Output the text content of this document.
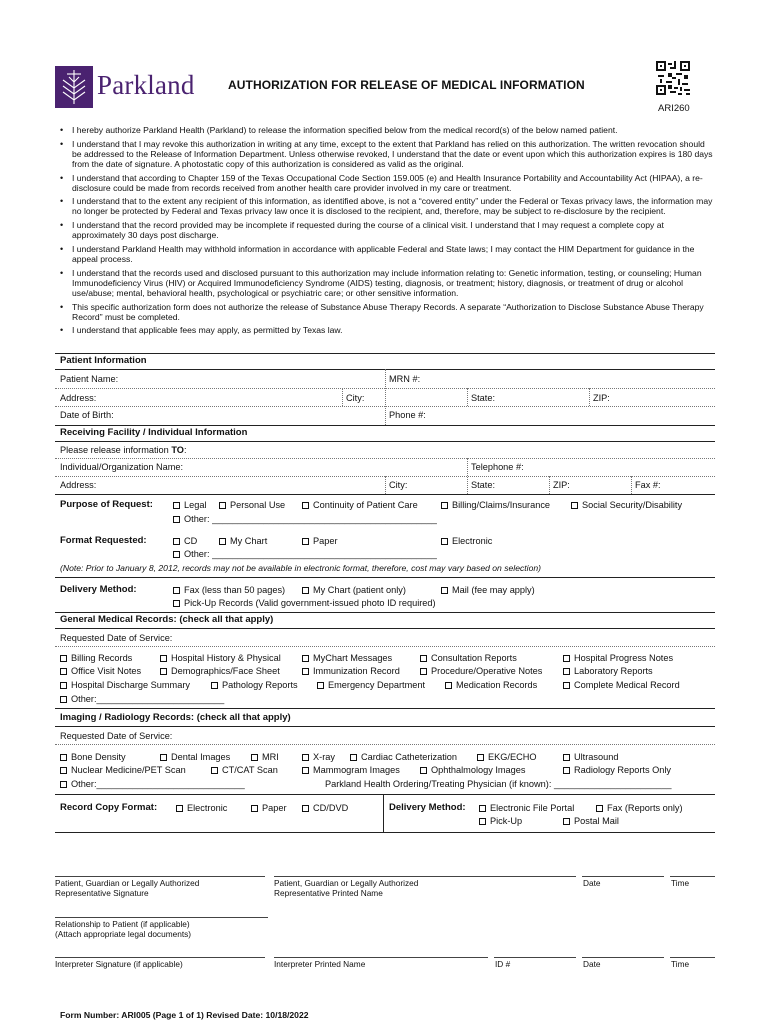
Parkland	AUTHORIZATION FOR RELEASE OF MEDICAL INFORMATION
ARI260
• I hereby authorize Parkland Health (Parkland) to release the information specified below from the medical record(s) of the below named patient.
• I understand that I may revoke this authorization in writing at any time, except to the extent that Parkland has relied on this authorization. The written revocation should be addressed to the Release of Information Department. Unless otherwise revoked, I understand that the date or event upon which this authorization expires is 180 days from the date of signature. A photostatic copy of this authorization is considered as valid as the original.
• I understand that according to Chapter 159 of the Texas Occupational Code Section 159.005 (e) and Health Insurance Portability and Accountability Act (HIPAA), a re-disclosure could be made from records received from another health care provider involved in my care or treatment.
• I understand that to the extent any recipient of this information, as identified above, is not a “covered entity” under the Federal or Texas privacy laws, the information may no longer be protected by Federal and Texas privacy law once it is disclosed to the recipient, and, therefore, may be subject to re-disclosure by the recipient.
• I understand that the record provided may be incomplete if requested during the course of a clinical visit. I understand that I may request a complete copy at approximately 30 days post discharge.
• I understand Parkland Health may withhold information in accordance with applicable Federal and State laws; I may contact the HIM Department for guidance in the appeal process.
• I understand that the records used and disclosed pursuant to this authorization may include information relating to: Genetic information, testing, or counseling; Human Immunodeficiency Virus (HIV) or Acquired Immunodeficiency Syndrome (AIDS) testing, diagnosis, or treatment; history, diagnosis, or treatment of drug or alcohol use/abuse; mental, behavioral health, psychological or psychiatric care; or other sensitive information.
• This specific authorization form does not authorize the release of Substance Abuse Therapy Records. A separate “Authorization to Disclose Substance Abuse Therapy Record” must be completed.
• I understand that applicable fees may apply, as permitted by Texas law.
Patient Information
Patient Name:	MRN #:
Address:	City:	State:	ZIP:
Date of Birth:	Phone #:
Receiving Facility / Individual Information
Please release information TO:
Individual/Organization Name:	Telephone #:
Address:	City:	State:	ZIP:	Fax #:
Purpose of Request:	Legal	Personal Use	Continuity of Patient Care	Billing/Claims/Insurance	Social Security/Disability
Other: ____________________________________________
Format Requested:	CD	My Chart	Paper	Electronic
Other: ____________________________________________
(Note: Prior to January 8, 2012, records may not be available in electronic format, therefore, cost may vary based on selection)
Delivery Method:	Fax (less than 50 pages)	My Chart (patient only)	Mail (fee may apply)
Pick-Up Records (Valid government-issued photo ID required)
General Medical Records: (check all that apply)
Requested Date of Service:
Billing Records	Hospital History & Physical	MyChart Messages	Consultation Reports	Hospital Progress Notes
Office Visit Notes	Demographics/Face Sheet	Immunization Record	Procedure/Operative Notes	Laboratory Reports
Hospital Discharge Summary	Pathology Reports	Emergency Department	Medication Records	Complete Medical Record
Other:_________________________
Imaging / Radiology Records: (check all that apply)
Requested Date of Service:
Bone Density	Dental Images	MRI	X-ray	Cardiac Catheterization	EKG/ECHO	Ultrasound
Nuclear Medicine/PET Scan	CT/CAT Scan	Mammogram Images	Ophthalmology Images	Radiology Reports Only
Other:_____________________________	Parkland Health Ordering/Treating Physician (if known): _______________________
Record Copy Format:	Electronic	Paper	CD/DVD	Delivery Method:	Electronic File Portal	Fax (Reports only)
Pick-Up	Postal Mail
Patient, Guardian or Legally Authorized
Representative Signature
Patient, Guardian or Legally Authorized
Representative Printed Name
Date	Time
Relationship to Patient (if applicable)
(Attach appropriate legal documents)
Interpreter Signature (if applicable)	Interpreter Printed Name	ID #	Date	Time
Form Number: ARI005 (Page 1 of 1) Revised Date: 10/18/2022
